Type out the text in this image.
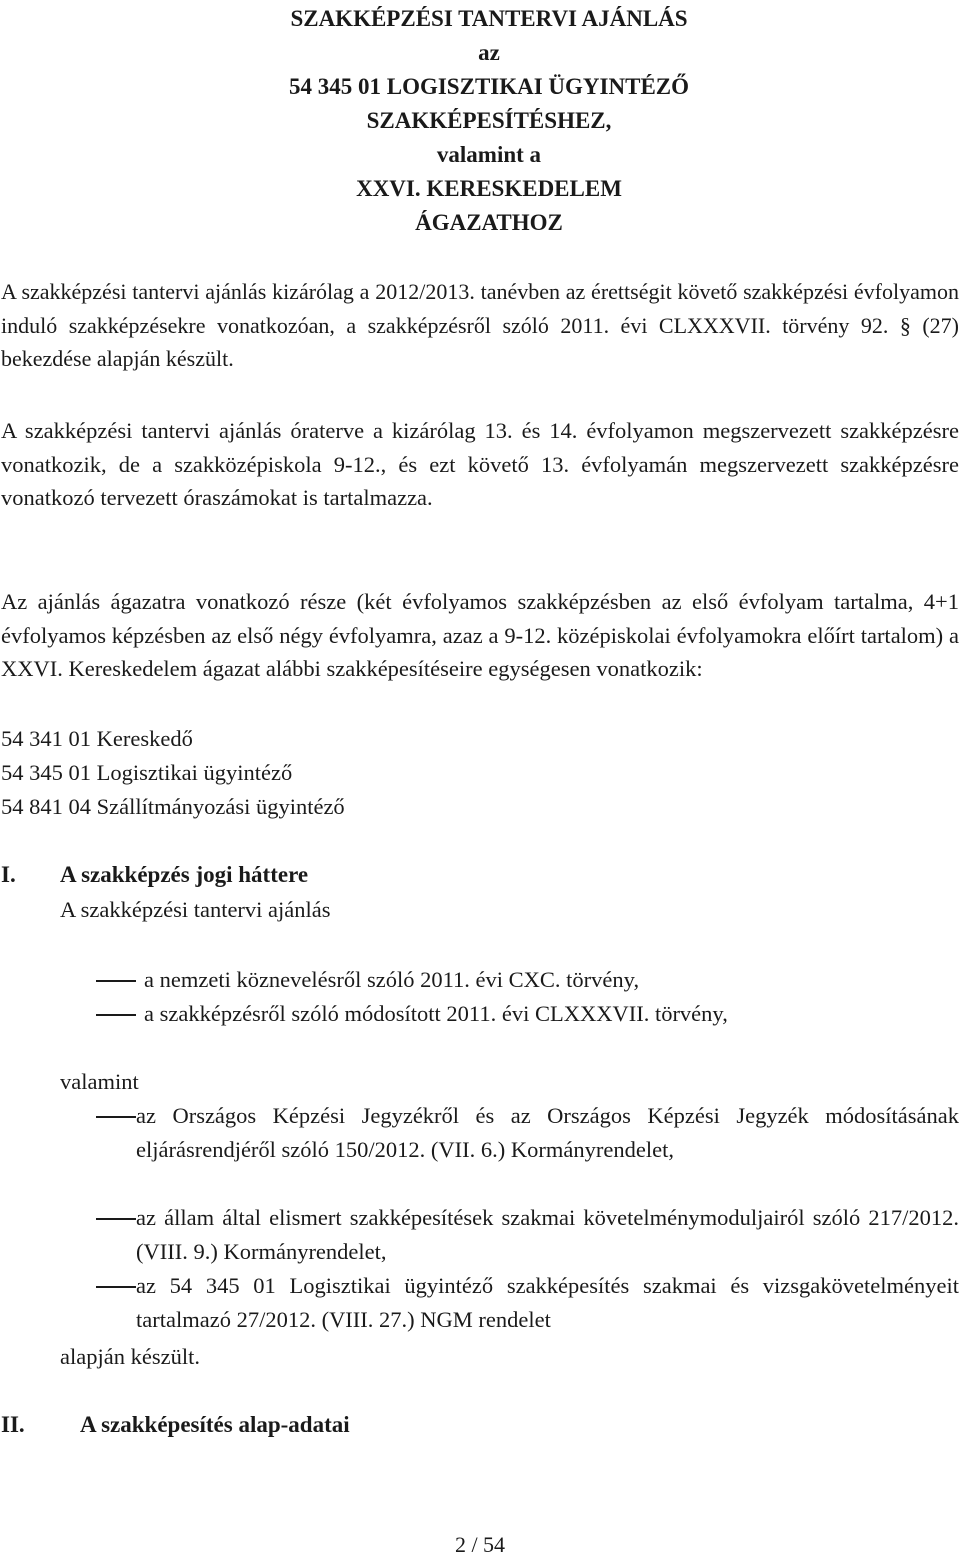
SZAKKÉPZÉSI TANTERVI AJÁNLÁS
az
54 345 01 LOGISZTIKAI ÜGYINTÉZŐ
SZAKKÉPESÍTÉSHEZ,
valamint a
XXVI. KERESKEDELEM
ÁGAZATHOZ
A szakképzési tantervi ajánlás kizárólag a 2012/2013. tanévben az érettségit követő szakképzési évfolyamon induló szakképzésekre vonatkozóan, a szakképzésről szóló 2011. évi CLXXXVII. törvény 92. § (27) bekezdése alapján készült.
A szakképzési tantervi ajánlás óraterve a kizárólag 13. és 14. évfolyamon megszervezett szakképzésre vonatkozik, de a szakközépiskola 9-12., és ezt követő 13. évfolyamán megszervezett szakképzésre vonatkozó tervezett óraszámokat is tartalmazza.
Az ajánlás ágazatra vonatkozó része (két évfolyamos szakképzésben az első évfolyam tartalma, 4+1 évfolyamos képzésben az első négy évfolyamra, azaz a 9-12. középiskolai évfolyamokra előírt tartalom) a XXVI. Kereskedelem ágazat alábbi szakképesítéseire egységesen vonatkozik:
54 341 01 Kereskedő
54 345 01 Logisztikai ügyintéző
54 841 04 Szállítmányozási ügyintéző
I. A szakképzés jogi háttere
A szakképzési tantervi ajánlás
a nemzeti köznevelésről szóló 2011. évi CXC. törvény,
a szakképzésről szóló módosított 2011. évi CLXXXVII. törvény,
valamint
az Országos Képzési Jegyzékről és az Országos Képzési Jegyzék módosításának eljárásrendjéről szóló 150/2012. (VII. 6.) Kormányrendelet,
az állam által elismert szakképesítések szakmai követelménymoduljairól szóló 217/2012. (VIII. 9.) Kormányrendelet,
az 54 345 01 Logisztikai ügyintéző szakképesítés szakmai és vizsgakövetelményeit tartalmazó 27/2012. (VIII. 27.) NGM rendelet
alapján készült.
II. A szakképesítés alap-adatai
2 / 54
